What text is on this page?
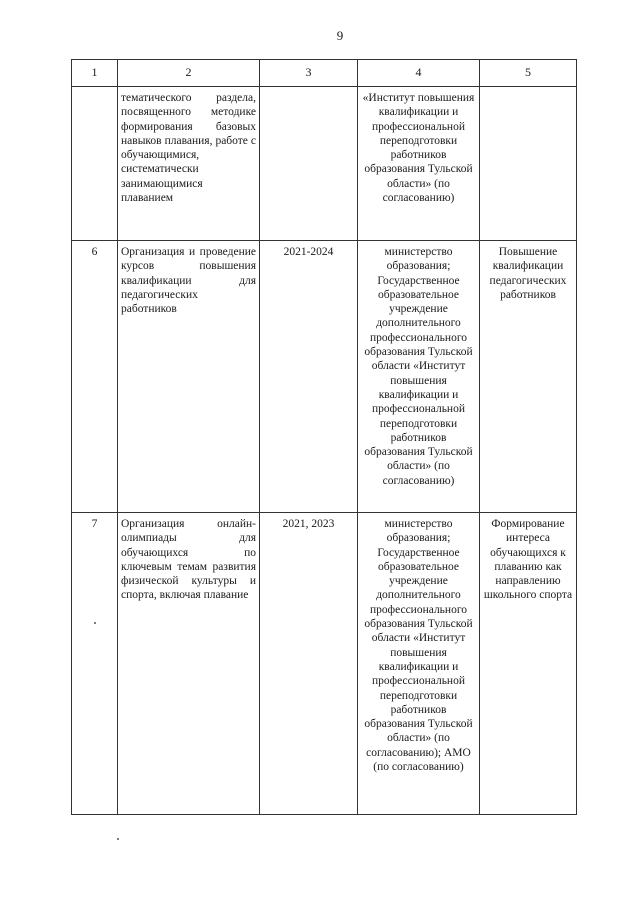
9
1	2	3	4	5
	тематического раздела, посвященного методике формирования базовых навыков плавания, работе с обучающимися, систематически занимающимися плаванием		«Институт повышения квалификации и профессиональной переподготовки работников образования Тульской области» (по согласованию)	
6	Организация и проведение курсов повышения квалификации для педагогических работников	2021-2024	министерство образования; Государственное образовательное учреждение дополнительного профессионального образования Тульской области «Институт повышения квалификации и профессиональной переподготовки работников образования Тульской области» (по согласованию)	Повышение квалификации педагогических работников
7	Организация онлайн-олимпиады для обучающихся по ключевым темам развития физической культуры и спорта, включая плавание	2021, 2023	министерство образования; Государственное образовательное учреждение дополнительного профессионального образования Тульской области «Институт повышения квалификации и профессиональной переподготовки работников образования Тульской области» (по согласованию); АМО (по согласованию)	Формирование интереса обучающихся к плаванию как направлению школьного спорта
